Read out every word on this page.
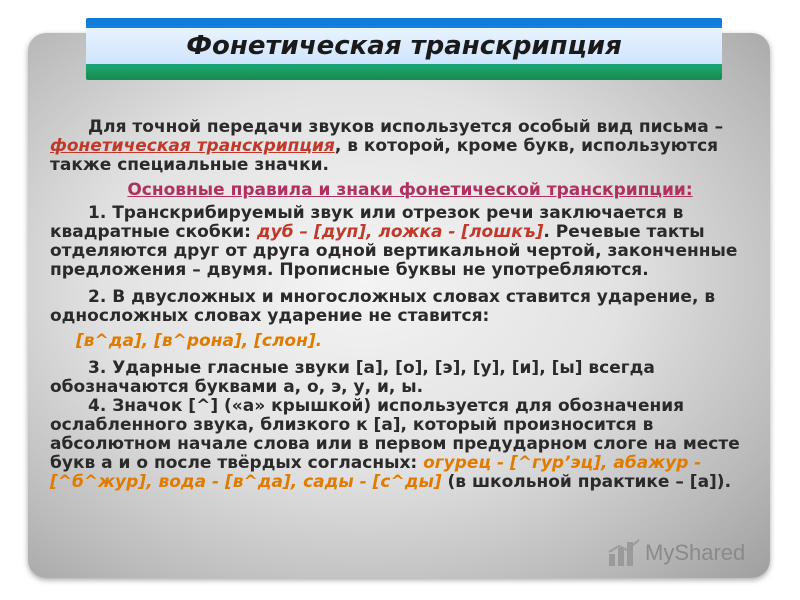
Фонетическая транскрипция

Для точной передачи звуков используется особый вид письма – фонетическая транскрипция, в которой, кроме букв, используются также специальные значки.

Основные правила и знаки фонетической транскрипции:

1. Транскрибируемый звук или отрезок речи заключается в квадратные скобки: дуб – [дуп], ложка - [лошкъ]. Речевые такты отделяются друг от друга одной вертикальной чертой, законченные предложения – двумя. Прописные буквы не употребляются.

2. В двусложных и многосложных словах ставится ударение, в односложных словах ударение не ставится:

[в^да], [в^рона], [слон].

3. Ударные гласные звуки [а], [о], [э], [у], [и], [ы] всегда обозначаются буквами а, о, э, у, и, ы.

4. Значок [^] («а» крышкой) используется для обозначения ослабленного звука, близкого к [а], который произносится в абсолютном начале слова или в первом предударном слоге на месте букв а и о после твёрдых согласных: огурец - [^гур’эц], абажур - [^б^жур], вода - [в^да], сады - [с^ды] (в школьной практике – [а]).

MyShared
